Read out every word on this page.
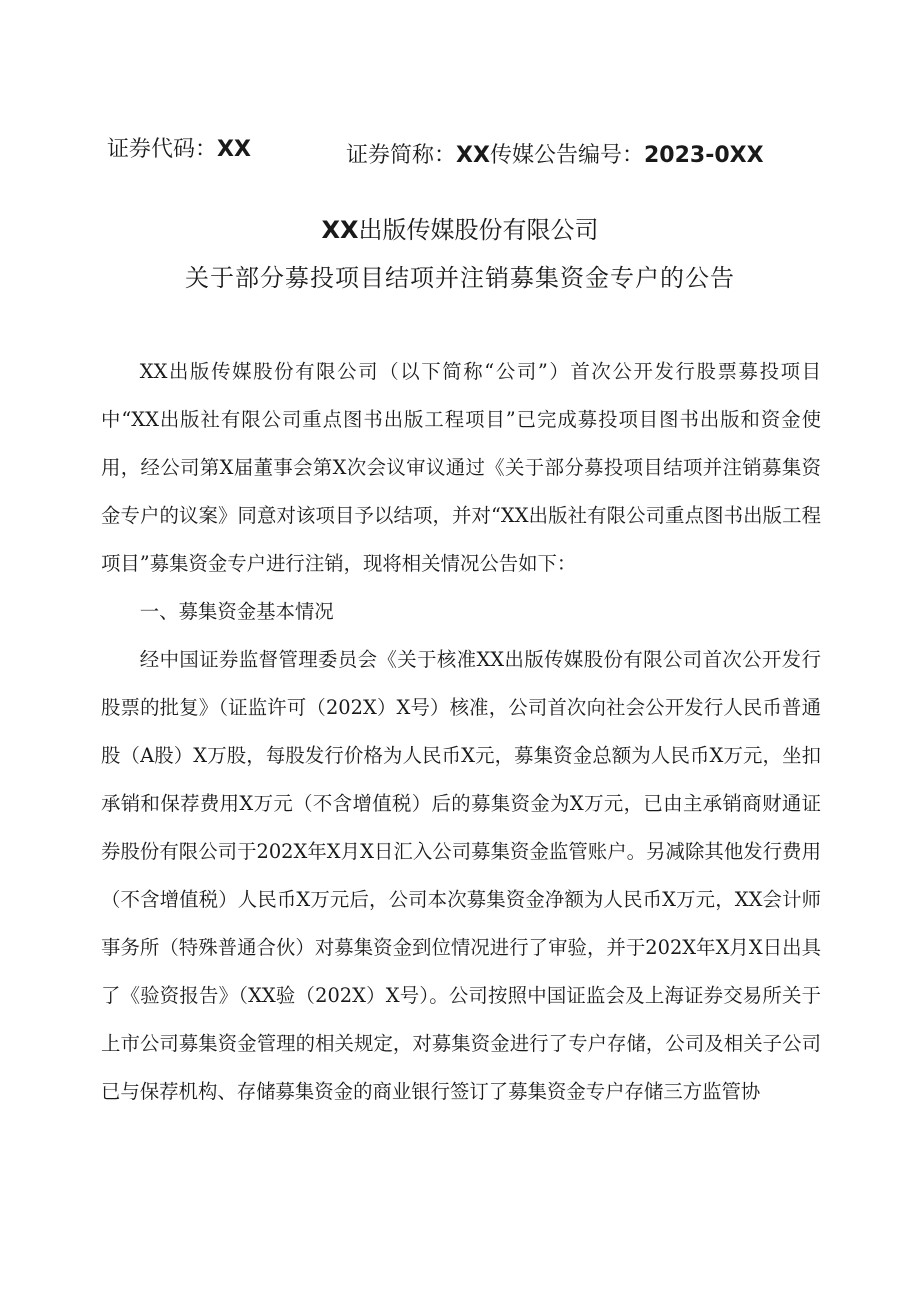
证券代码：XX	证券简称：XX传媒公告编号：2023-0XX
XX出版传媒股份有限公司
关于部分募投项目结项并注销募集资金专户的公告

XX出版传媒股份有限公司（以下简称“公司”）首次公开发行股票募投项目中“XX出版社有限公司重点图书出版工程项目”已完成募投项目图书出版和资金使用，经公司第X届董事会第X次会议审议通过《关于部分募投项目结项并注销募集资金专户的议案》同意对该项目予以结项，并对“XX出版社有限公司重点图书出版工程项目”募集资金专户进行注销，现将相关情况公告如下：

一、募集资金基本情况

经中国证券监督管理委员会《关于核准XX出版传媒股份有限公司首次公开发行股票的批复》（证监许可（202X）X号）核准，公司首次向社会公开发行人民币普通股（A股）X万股，每股发行价格为人民币X元，募集资金总额为人民币X万元，坐扣承销和保荐费用X万元（不含增值税）后的募集资金为X万元，已由主承销商财通证券股份有限公司于202X年X月X日汇入公司募集资金监管账户。另减除其他发行费用（不含增值税）人民币X万元后，公司本次募集资金净额为人民币X万元，XX会计师事务所（特殊普通合伙）对募集资金到位情况进行了审验，并于202X年X月X日出具了《验资报告》（XX验（202X）X号）。公司按照中国证监会及上海证券交易所关于上市公司募集资金管理的相关规定，对募集资金进行了专户存储，公司及相关子公司已与保荐机构、存储募集资金的商业银行签订了募集资金专户存储三方监管协
